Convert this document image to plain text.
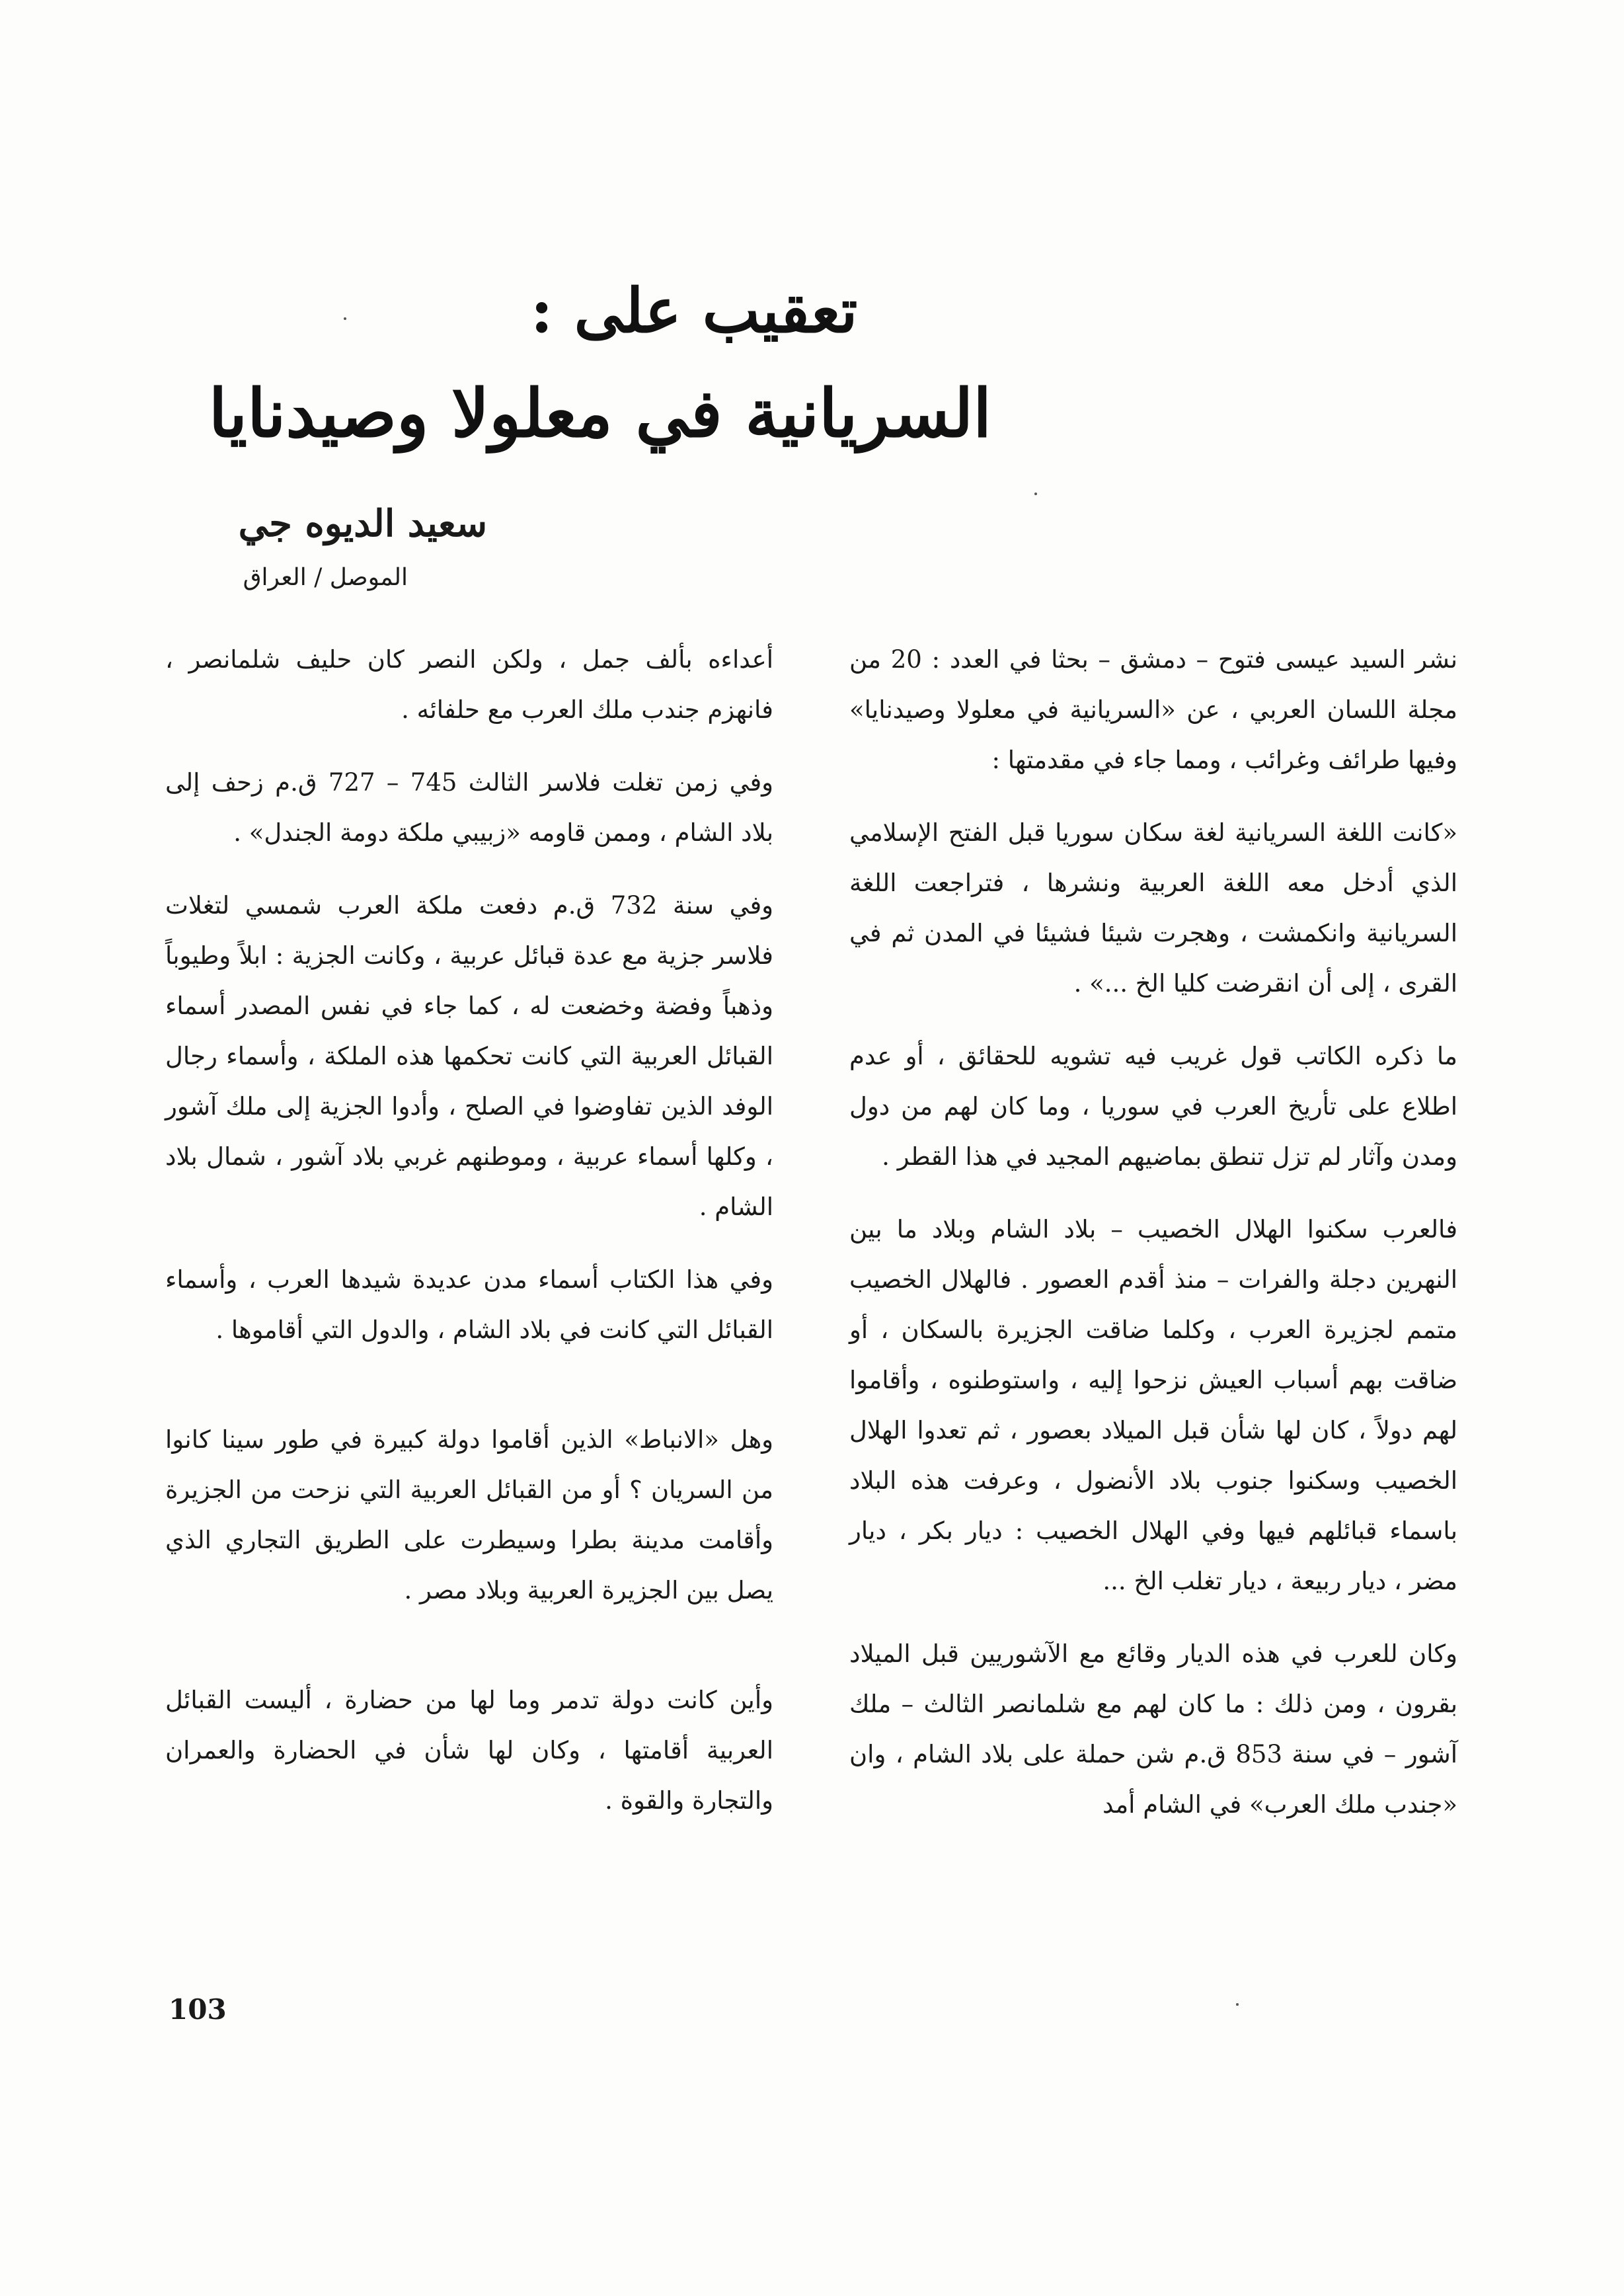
تعقيب على :
السريانية في معلولا وصيدنايا
سعيد الديوه جي
الموصل / العراق

نشر السيد عيسى فتوح – دمشق – بحثا في العدد : 20 من مجلة اللسان العربي ، عن «السريانية في معلولا وصيدنايا» وفيها طرائف وغرائب ، ومما جاء في مقدمتها :

«كانت اللغة السريانية لغة سكان سوريا قبل الفتح الإسلامي الذي أدخل معه اللغة العربية ونشرها ، فتراجعت اللغة السريانية وانكمشت ، وهجرت شيئا فشيئا في المدن ثم في القرى ، إلى أن انقرضت كليا الخ ...» .

ما ذكره الكاتب قول غريب فيه تشويه للحقائق ، أو عدم اطلاع على تأريخ العرب في سوريا ، وما كان لهم من دول ومدن وآثار لم تزل تنطق بماضيهم المجيد في هذا القطر .

فالعرب سكنوا الهلال الخصيب – بلاد الشام وبلاد ما بين النهرين دجلة والفرات – منذ أقدم العصور . فالهلال الخصيب متمم لجزيرة العرب ، وكلما ضاقت الجزيرة بالسكان ، أو ضاقت بهم أسباب العيش نزحوا إليه ، واستوطنوه ، وأقاموا لهم دولاً ، كان لها شأن قبل الميلاد بعصور ، ثم تعدوا الهلال الخصيب وسكنوا جنوب بلاد الأنضول ، وعرفت هذه البلاد باسماء قبائلهم فيها وفي الهلال الخصيب : ديار بكر ، ديار مضر ، ديار ربيعة ، ديار تغلب الخ ...

وكان للعرب في هذه الديار وقائع مع الآشوريين قبل الميلاد بقرون ، ومن ذلك : ما كان لهم مع شلمانصر الثالث – ملك آشور – في سنة 853 ق.م شن حملة على بلاد الشام ، وان «جندب ملك العرب» في الشام أمد

أعداءه بألف جمل ، ولكن النصر كان حليف شلمانصر ، فانهزم جندب ملك العرب مع حلفائه .

وفي زمن تغلت فلاسر الثالث 745 – 727 ق.م زحف إلى بلاد الشام ، وممن قاومه «زبيبي ملكة دومة الجندل» .

وفي سنة 732 ق.م دفعت ملكة العرب شمسي لتغلات فلاسر جزية مع عدة قبائل عربية ، وكانت الجزية : ابلاً وطيوباً وذهباً وفضة وخضعت له ، كما جاء في نفس المصدر أسماء القبائل العربية التي كانت تحكمها هذه الملكة ، وأسماء رجال الوفد الذين تفاوضوا في الصلح ، وأدوا الجزية إلى ملك آشور ، وكلها أسماء عربية ، وموطنهم غربي بلاد آشور ، شمال بلاد الشام .

وفي هذا الكتاب أسماء مدن عديدة شيدها العرب ، وأسماء القبائل التي كانت في بلاد الشام ، والدول التي أقاموها .

وهل «الانباط» الذين أقاموا دولة كبيرة في طور سينا كانوا من السريان ؟ أو من القبائل العربية التي نزحت من الجزيرة وأقامت مدينة بطرا وسيطرت على الطريق التجاري الذي يصل بين الجزيرة العربية وبلاد مصر .

وأين كانت دولة تدمر وما لها من حضارة ، أليست القبائل العربية أقامتها ، وكان لها شأن في الحضارة والعمران والتجارة والقوة .

103
